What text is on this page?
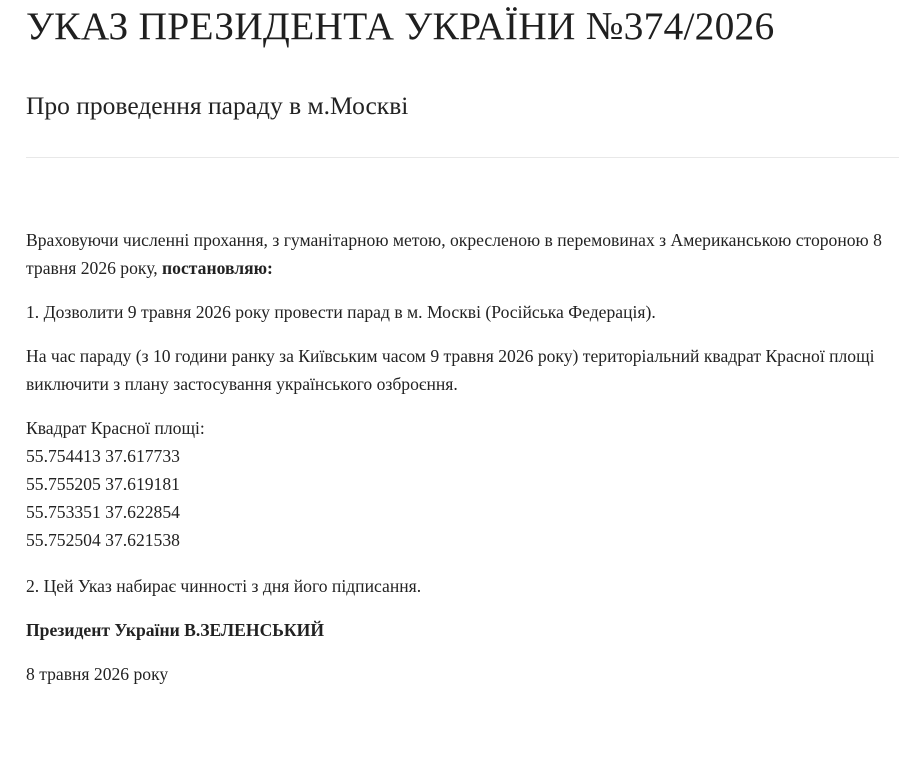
УКАЗ ПРЕЗИДЕНТА УКРАЇНИ №374/2026
Про проведення параду в м.Москві

Враховуючи численні прохання, з гуманітарною метою, окресленою в перемовинах з Американською стороною 8 травня 2026 року, постановляю:

1. Дозволити 9 травня 2026 року провести парад в м. Москві (Російська Федерація).

На час параду (з 10 години ранку за Київським часом 9 травня 2026 року) територіальний квадрат Красної площі виключити з плану застосування українського озброєння.

Квадрат Красної площі:
55.754413 37.617733
55.755205 37.619181
55.753351 37.622854
55.752504 37.621538

2. Цей Указ набирає чинності з дня його підписання.

Президент України В.ЗЕЛЕНСЬКИЙ

8 травня 2026 року
